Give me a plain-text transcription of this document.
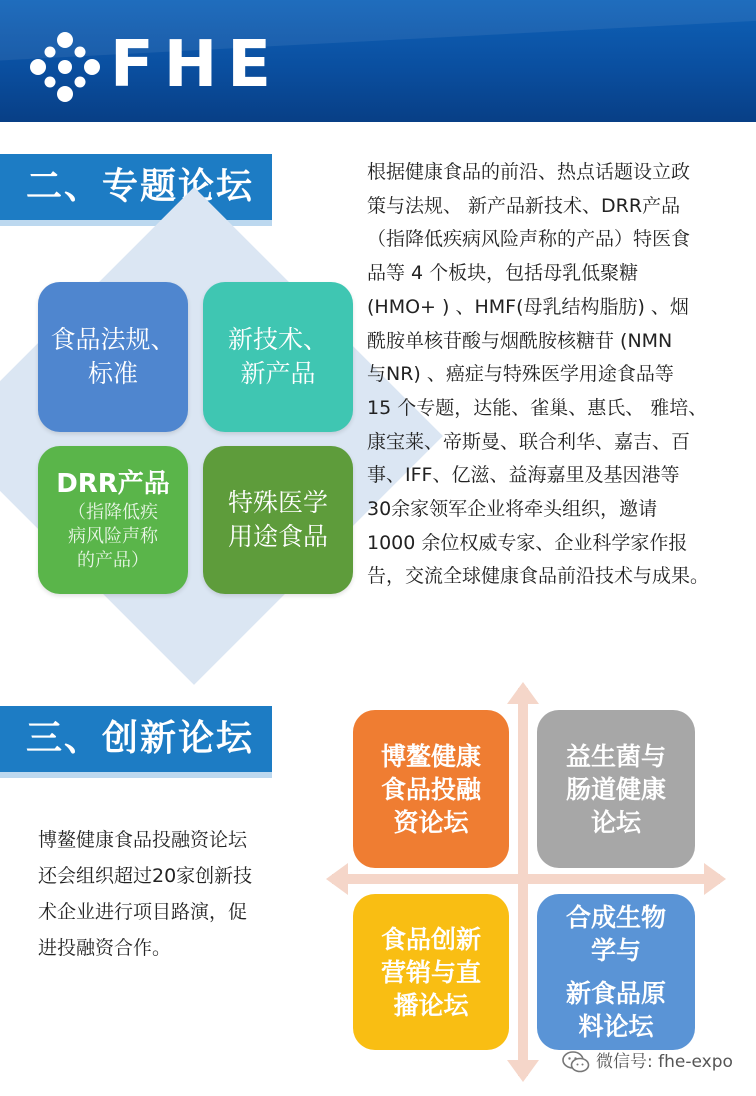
FHE
二、专题论坛
食品法规、
标准
新技术、
新产品
DRR产品
（指降低疾
病风险声称
的产品）
特殊医学
用途食品

根据健康食品的前沿、热点话题设立政

策与法规、 新产品新技术、DRR产品

（指降低疾病风险声称的产品）特医食

品等 4 个板块，包括母乳低聚糖

(HMO+ ) 、HMF(母乳结构脂肪) 、烟

酰胺单核苷酸与烟酰胺核糖苷 (NMN

与NR) 、癌症与特殊医学用途食品等

15 个专题，达能、雀巢、惠氏、 雅培、

康宝莱、帝斯曼、联合利华、嘉吉、百

事、IFF、亿滋、益海嘉里及基因港等

30余家领军企业将牵头组织，邀请

1000 余位权威专家、企业科学家作报

告，交流全球健康食品前沿技术与成果。

三、创新论坛

博鳌健康食品投融资论坛

还会组织超过20家创新技

术企业进行项目路演，促

进投融资合作。

博鳌健康
食品投融
资论坛
益生菌与
肠道健康
论坛
食品创新
营销与直
播论坛
合成生物
学与
新食品原
料论坛
微信号: fhe-expo
